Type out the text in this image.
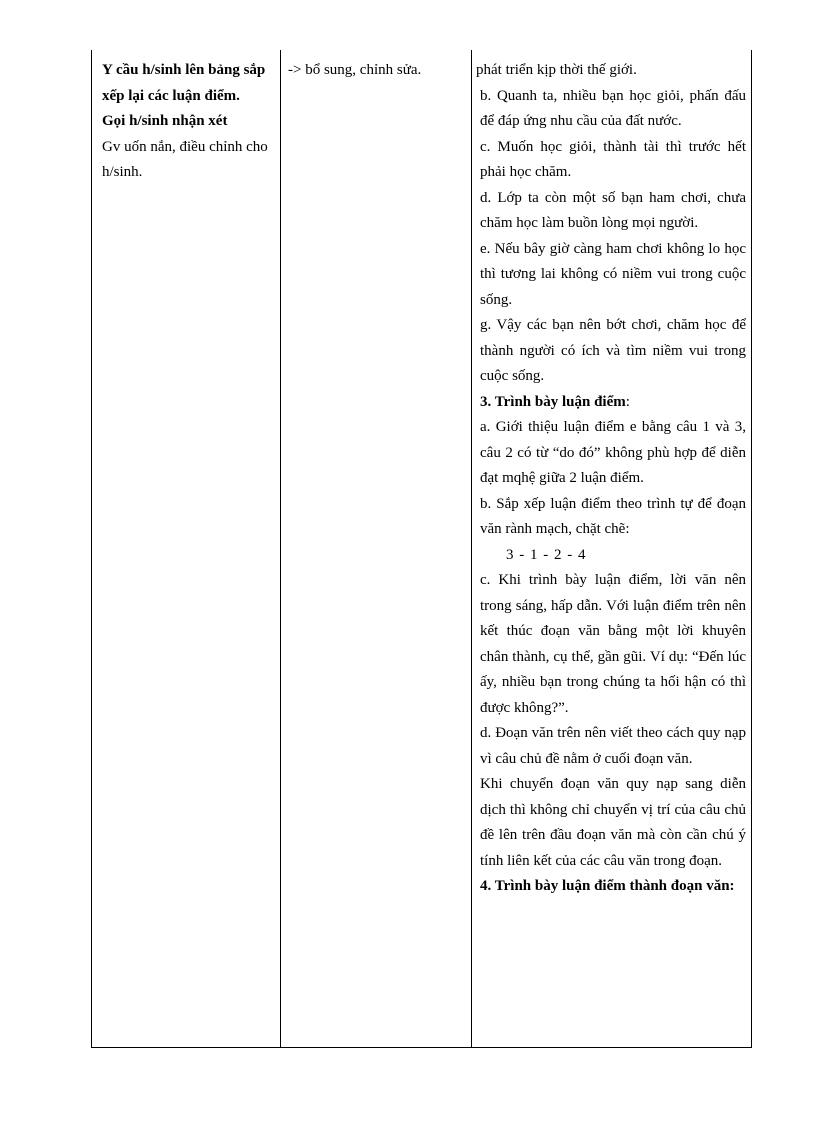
Y cầu h/sinh lên bảng sắp xếp lại các luận điểm.

Gọi h/sinh nhận xét

Gv uốn nắn, điều chỉnh cho h/sinh.

-> bổ sung, chỉnh sửa.	phát triển kịp thời thế giới.

b. Quanh ta, nhiều bạn học giỏi, phấn đấu để đáp ứng nhu cầu của đất nước.

c. Muốn học giỏi, thành tài thì trước hết phải học chăm.

d. Lớp ta còn một số bạn ham chơi, chưa chăm học làm buồn lòng mọi người.

e. Nếu bây giờ càng ham chơi không lo học thì tương lai không có niềm vui trong cuộc sống.

g. Vậy các bạn nên bớt chơi, chăm học để thành người có ích và tìm niềm vui trong cuộc sống.

3. Trình bày luận điểm:

a. Giới thiệu luận điểm e bằng câu 1 và 3, câu 2 có từ “do đó” không phù hợp để diễn đạt mqhệ giữa 2 luận điểm.

b. Sắp xếp luận điểm theo trình tự để đoạn văn rành mạch, chặt chẽ:

3 - 1 - 2 - 4

c. Khi trình bày luận điểm, lời văn nên trong sáng, hấp dẫn. Với luận điểm trên nên kết thúc đoạn văn bằng một lời khuyên chân thành, cụ thể, gần gũi. Ví dụ: “Đến lúc ấy, nhiều bạn trong chúng ta hối hận có thì được không?”.

d. Đoạn văn trên nên viết theo cách quy nạp vì câu chủ đề nằm ở cuối đoạn văn.

Khi chuyển đoạn văn quy nạp sang diễn dịch thì không chỉ chuyển vị trí của câu chủ đề lên trên đầu đoạn văn mà còn cần chú ý tính liên kết của các câu văn trong đoạn.

4. Trình bày luận điểm thành đoạn văn:
